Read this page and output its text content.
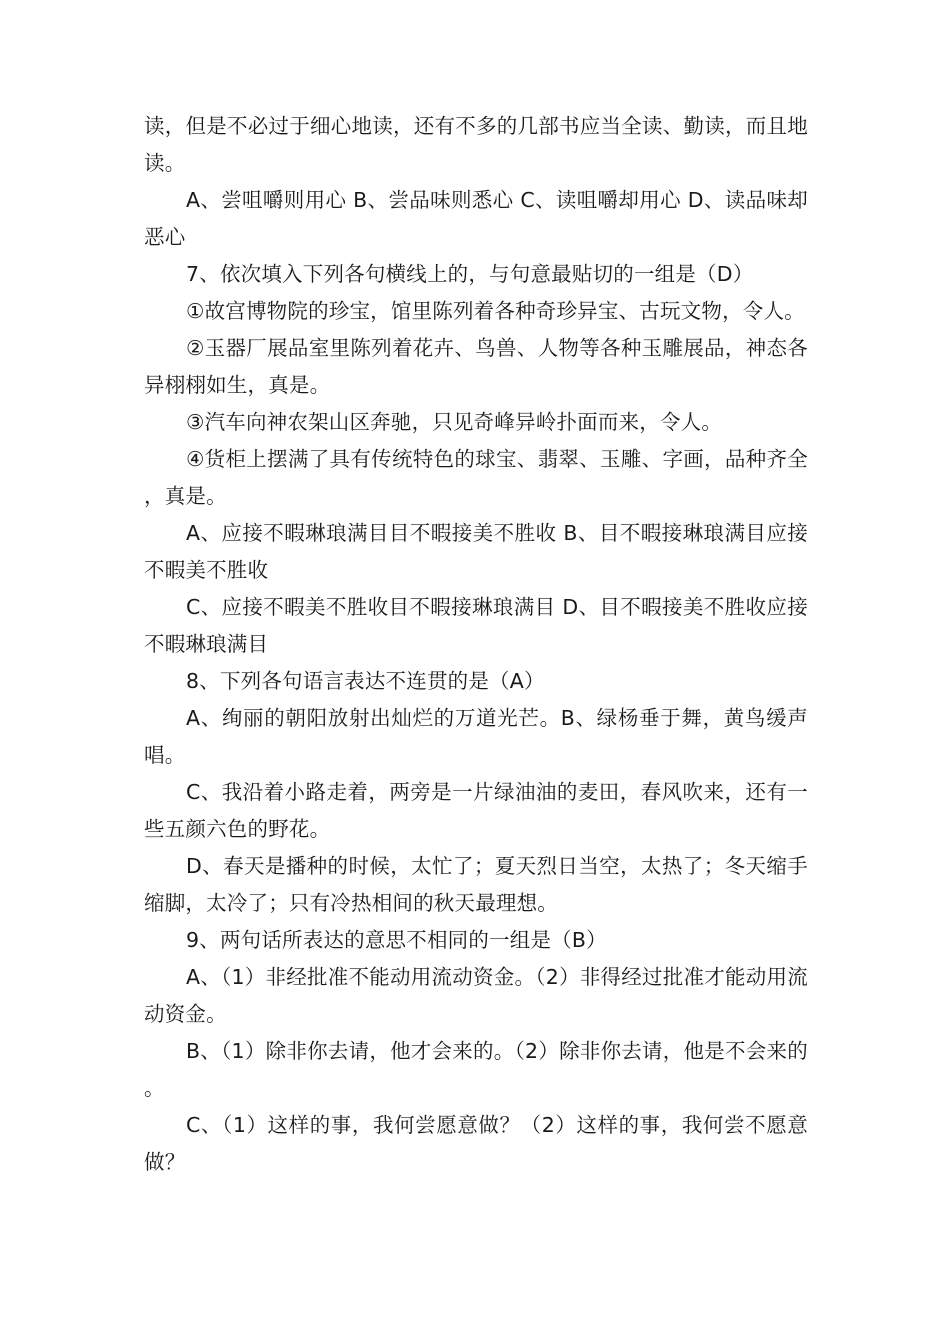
读，但是不必过于细心地读，还有不多的几部书应当全读、勤读，而且地读。

A、尝咀嚼则用心 B、尝品味则悉心 C、读咀嚼却用心 D、读品味却恶心

7、依次填入下列各句横线上的，与句意最贴切的一组是（D）

①故宫博物院的珍宝，馆里陈列着各种奇珍异宝、古玩文物，令人。

②玉器厂展品室里陈列着花卉、鸟兽、人物等各种玉雕展品，神态各异栩栩如生，真是。

③汽车向神农架山区奔驰，只见奇峰异岭扑面而来，令人。

④货柜上摆满了具有传统特色的球宝、翡翠、玉雕、字画，品种齐全，真是。

A、应接不暇琳琅满目目不暇接美不胜收 B、目不暇接琳琅满目应接不暇美不胜收

C、应接不暇美不胜收目不暇接琳琅满目 D、目不暇接美不胜收应接不暇琳琅满目

8、下列各句语言表达不连贯的是（A）

A、绚丽的朝阳放射出灿烂的万道光芒。B、绿杨垂于舞，黄鸟缓声唱。

C、我沿着小路走着，两旁是一片绿油油的麦田，春风吹来，还有一些五颜六色的野花。

D、春天是播种的时候，太忙了；夏天烈日当空，太热了；冬天缩手缩脚，太冷了；只有冷热相间的秋天最理想。

9、两句话所表达的意思不相同的一组是（B）

A、（1）非经批准不能动用流动资金。（2）非得经过批准才能动用流动资金。

B、（1）除非你去请，他才会来的。（2）除非你去请，他是不会来的。

C、（1）这样的事，我何尝愿意做？（2）这样的事，我何尝不愿意做？
